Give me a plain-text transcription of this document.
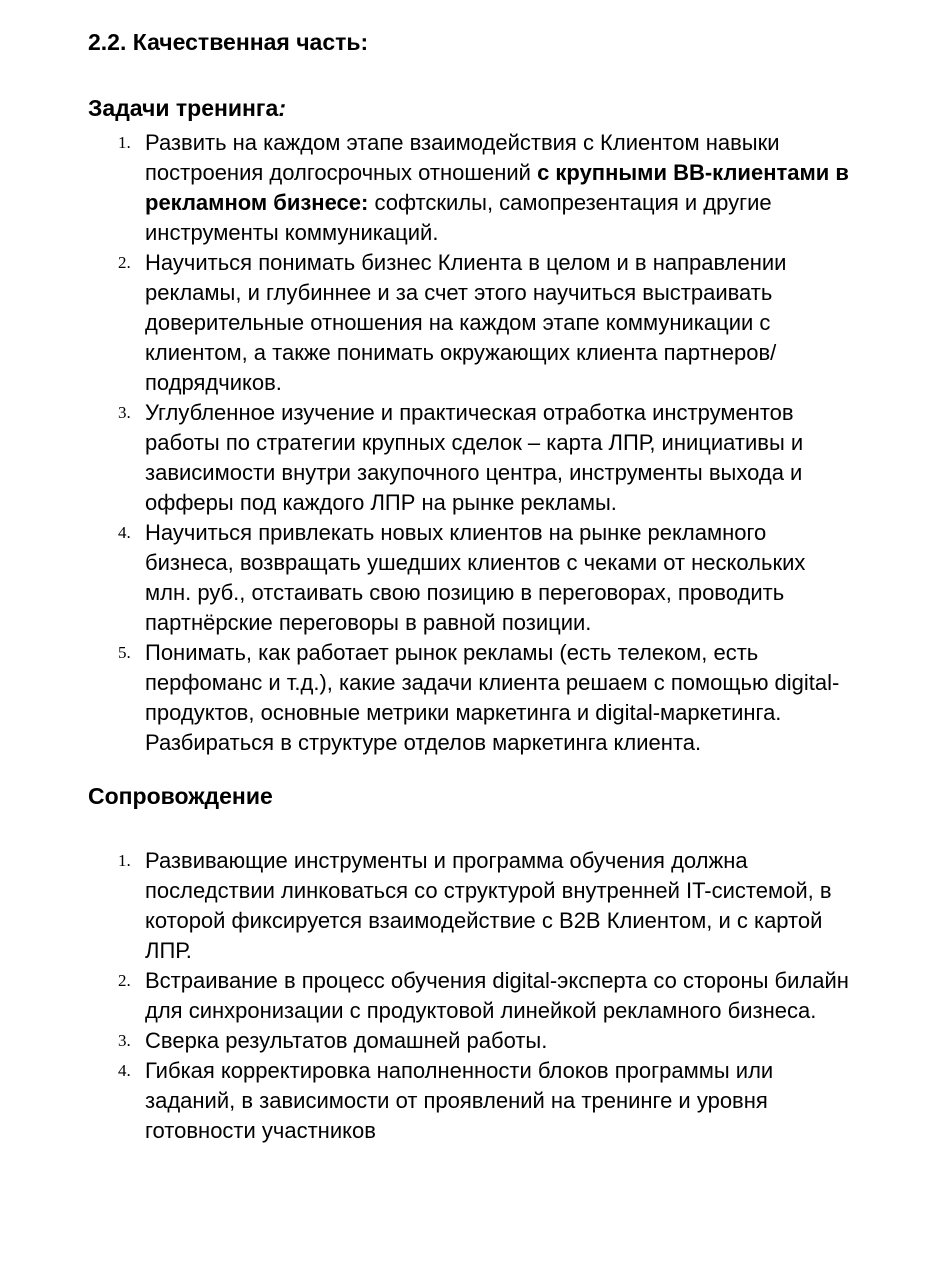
2.2. Качественная часть:
Задачи тренинга:
1. Развить на каждом этапе взаимодействия с Клиентом навыки построения долгосрочных отношений с крупными ВВ-клиентами в рекламном бизнесе: софтскилы, самопрезентация и другие инструменты коммуникаций.
2. Научиться понимать бизнес Клиента в целом и в направлении рекламы, и глубиннее и за счет этого научиться выстраивать доверительные отношения на каждом этапе коммуникации с клиентом, а также понимать окружающих клиента партнеров/подрядчиков.
3. Углубленное изучение и практическая отработка инструментов работы по стратегии крупных сделок – карта ЛПР, инициативы и зависимости внутри закупочного центра, инструменты выхода и офферы под каждого ЛПР на рынке рекламы.
4. Научиться привлекать новых клиентов на рынке рекламного бизнеса, возвращать ушедших клиентов с чеками от нескольких млн. руб., отстаивать свою позицию в переговорах, проводить партнёрские переговоры в равной позиции.
5. Понимать, как работает рынок рекламы (есть телеком, есть перфоманс и т.д.), какие задачи клиента решаем с помощью digital-продуктов, основные метрики маркетинга и digital-маркетинга. Разбираться в структуре отделов маркетинга клиента.
Сопровождение
1. Развивающие инструменты и программа обучения должна последствии линковаться со структурой внутренней IT-системой, в которой фиксируется взаимодействие с B2B Клиентом, и с картой ЛПР.
2. Встраивание в процесс обучения digital-эксперта со стороны билайн для синхронизации с продуктовой линейкой рекламного бизнеса.
3. Сверка результатов домашней работы.
4. Гибкая корректировка наполненности блоков программы или заданий, в зависимости от проявлений на тренинге и уровня готовности участников
